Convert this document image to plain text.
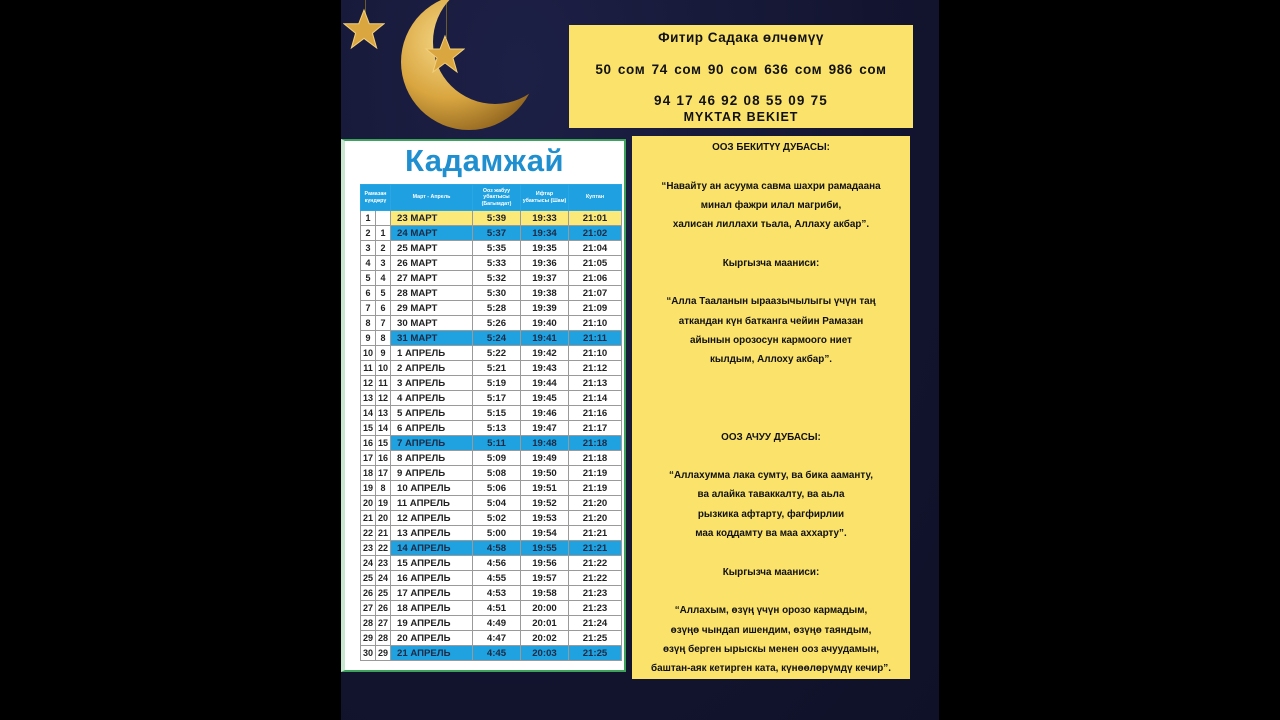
Фитир Садака өлчөмүү
50 сом 74 сом 90 сом 636 сом 986 сом
94 17 46 92 08 55 09 75
MYKTAR BEKIET
Кадамжай
Рамазан күндөрү		Март - Апрель	Ооз жабуу убактысы (Багымдат)	Ифтар убактысы (Шам)	Куптан
1		23 МАРТ	5:39	19:33	21:01
2	1	24 МАРТ	5:37	19:34	21:02
3	2	25 МАРТ	5:35	19:35	21:04
4	3	26 МАРТ	5:33	19:36	21:05
5	4	27 МАРТ	5:32	19:37	21:06
6	5	28 МАРТ	5:30	19:38	21:07
7	6	29 МАРТ	5:28	19:39	21:09
8	7	30 МАРТ	5:26	19:40	21:10
9	8	31 МАРТ	5:24	19:41	21:11
10	9	1 АПРЕЛЬ	5:22	19:42	21:10
11	10	2 АПРЕЛЬ	5:21	19:43	21:12
12	11	3 АПРЕЛЬ	5:19	19:44	21:13
13	12	4 АПРЕЛЬ	5:17	19:45	21:14
14	13	5 АПРЕЛЬ	5:15	19:46	21:16
15	14	6 АПРЕЛЬ	5:13	19:47	21:17
16	15	7 АПРЕЛЬ	5:11	19:48	21:18
17	16	8 АПРЕЛЬ	5:09	19:49	21:18
18	17	9 АПРЕЛЬ	5:08	19:50	21:19
19	8	10 АПРЕЛЬ	5:06	19:51	21:19
20	19	11 АПРЕЛЬ	5:04	19:52	21:20
21	20	12 АПРЕЛЬ	5:02	19:53	21:20
22	21	13 АПРЕЛЬ	5:00	19:54	21:21
23	22	14 АПРЕЛЬ	4:58	19:55	21:21
24	23	15 АПРЕЛЬ	4:56	19:56	21:22
25	24	16 АПРЕЛЬ	4:55	19:57	21:22
26	25	17 АПРЕЛЬ	4:53	19:58	21:23
27	26	18 АПРЕЛЬ	4:51	20:00	21:23
28	27	19 АПРЕЛЬ	4:49	20:01	21:24
29	28	20 АПРЕЛЬ	4:47	20:02	21:25
30	29	21 АПРЕЛЬ	4:45	20:03	21:25
ООЗ БЕКИТҮҮ ДУБАСЫ:
“Навайту ан асуума савма шахри рамадаана
минал фажри илал магриби,
халисан лиллахи тьала, Аллаху акбар”.
Кыргызча мааниси:
“Алла Тааланын ыраазычылыгы үчүн таң
аткандан күн батканга чейин Рамазан
айынын орозосун кармоого ниет
кылдым, Аллоху акбар”.
ООЗ АЧУУ ДУБАСЫ:
“Аллахумма лака сумту, ва бика ааманту,
ва алайка таваккалту, ва аьла
рызкика афтарту, фагфирлии
маа коддамту ва маа аххарту”.
Кыргызча мааниси:
“Аллахым, өзүң үчүн орозо кармадым,
өзүңө чындап ишендим, өзүңө таяндым,
өзүң берген ырыскы менен ооз ачуудамын,
баштан-аяк кетирген ката, күнөөлөрүмдү кечир”.
